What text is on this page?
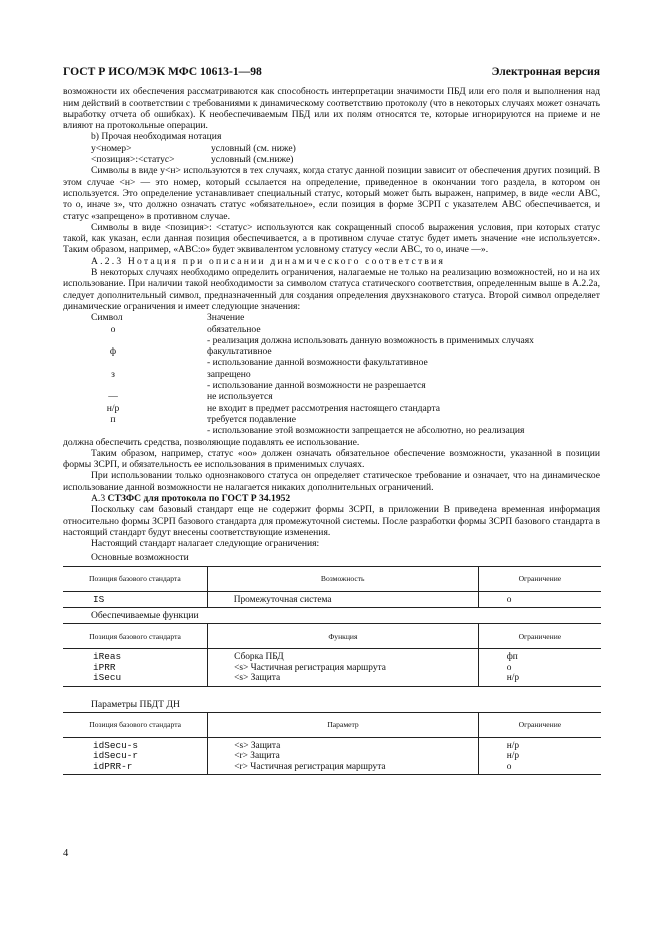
ГОСТ Р ИСО/МЭК МФС 10613-1—98	Электронная версия

возможности их обеспечения рассматриваются как способность интерпретации значимости ПБД или его поля и выполнения над ним действий в соответствии с требованиями к динамическому соответствию протоколу (что в некоторых случаях может означать выработку отчета об ошибках). К необеспечиваемым ПБД или их полям относятся те, которые игнорируются на приеме и не влияют на протокольные операции.

b) Прочая необходимая нотация

у<номер>	условный (см. ниже)
<позиция>:<статус>	условный (см.ниже)

Символы в виде у<н> используются в тех случаях, когда статус данной позиции зависит от обеспечения других позиций. В этом случае <н> — это номер, который ссылается на определение, приведенное в окончании того раздела, в котором он используется. Это определение устанавливает специальный статус, который может быть выражен, например, в виде «если АВС, то о, иначе з», что должно означать статус «обязательное», если позиция в форме ЗСРП с указателем АВС обеспечивается, и статус «запрещено» в противном случае.

Символы в виде <позиция>: <статус> используются как сокращенный способ выражения условия, при которых статус такой, как указан, если данная позиция обеспечивается, а в противном случае статус будет иметь значение «не используется». Таким образом, например, «АВС:о» будет эквивалентом условному статусу «если АВС, то о, иначе —».

А.2.3 Нотация при описании динамического соответствия

В некоторых случаях необходимо определить ограничения, налагаемые не только на реализацию возможностей, но и на их использование. При наличии такой необходимости за символом статуса статического соответствия, определенным выше в А.2.2а, следует дополнительный символ, предназначенный для создания определения двухзнакового статуса. Второй символ определяет динамические ограничения и имеет следующие значения:

Символ	Значение
о	обязательное
- реализация должна использовать данную возможность в применимых случаях
ф	факультативное
- использование данной возможности факультативное
з	запрещено
- использование данной возможности не разрешается
—	не используется
н/р	не входит в предмет рассмотрения настоящего стандарта
п	требуется подавление
- использование этой возможности запрещается не абсолютно, но реализация

должна обеспечить средства, позволяющие подавлять ее использование.

Таким образом, например, статус «оо» должен означать обязательное обеспечение возможности, указанной в позиции формы ЗСРП, и обязательность ее использования в применимых случаях.

При использовании только однознакового статуса он определяет статическое требование и означает, что на динамическое использование данной возможности не налагается никаких дополнительных ограничений.

А.3 СТЗФС для протокола по ГОСТ Р 34.1952

Поскольку сам базовый стандарт еще не содержит формы ЗСРП, в приложении В приведена временная информация относительно формы ЗСРП базового стандарта для промежуточной системы. После разработки формы ЗСРП базового стандарта в настоящий стандарт будут внесены соответствующие изменения.

Настоящий стандарт налагает следующие ограничения:

Основные возможности
Позиция базового стандарта	Возможность	Ограничение
IS	Промежуточная система	о
Обеспечиваемые функции
Позиция базового стандарта	Функция	Ограничение
iReas	Сборка ПБД	фп
iPRR	<s> Частичная регистрация маршрута	о
iSecu	<s> Защита	н/р
Параметры ПБДТ ДН
Позиция базового стандарта	Параметр	Ограничение
idSecu-s	<s> Защита	н/р
idSecu-r	<r> Защита	н/р
idPRR-r	<r> Частичная регистрация маршрута	о
4
